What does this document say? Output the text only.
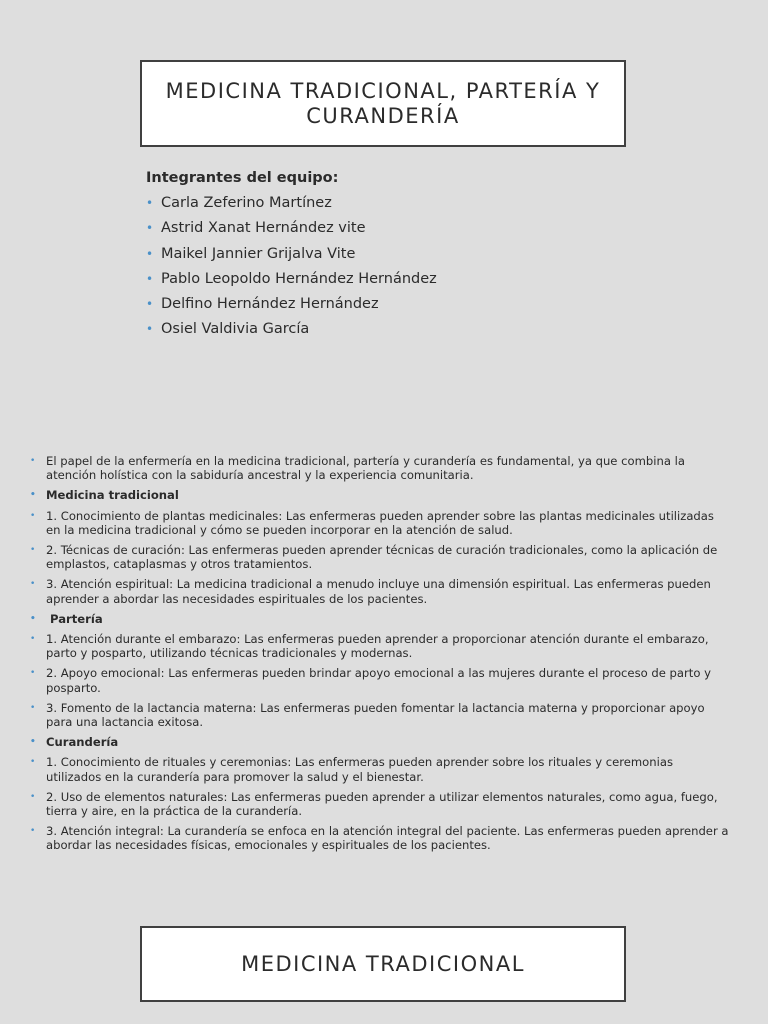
MEDICINA TRADICIONAL, PARTERÍA Y CURANDERÍA
Integrantes del equipo:
• Carla Zeferino Martínez
• Astrid Xanat Hernández vite
• Maikel Jannier Grijalva Vite
• Pablo Leopoldo Hernández Hernández
• Delfino Hernández Hernández
• Osiel Valdivia García
• El papel de la enfermería en la medicina tradicional, partería y curandería es fundamental, ya que combina la atención holística con la sabiduría ancestral y la experiencia comunitaria.
• Medicina tradicional
• 1. Conocimiento de plantas medicinales: Las enfermeras pueden aprender sobre las plantas medicinales utilizadas en la medicina tradicional y cómo se pueden incorporar en la atención de salud.
• 2. Técnicas de curación: Las enfermeras pueden aprender técnicas de curación tradicionales, como la aplicación de emplastos, cataplasmas y otros tratamientos.
• 3. Atención espiritual: La medicina tradicional a menudo incluye una dimensión espiritual. Las enfermeras pueden aprender a abordar las necesidades espirituales de los pacientes.
• Partería
• 1. Atención durante el embarazo: Las enfermeras pueden aprender a proporcionar atención durante el embarazo, parto y posparto, utilizando técnicas tradicionales y modernas.
• 2. Apoyo emocional: Las enfermeras pueden brindar apoyo emocional a las mujeres durante el proceso de parto y posparto.
• 3. Fomento de la lactancia materna: Las enfermeras pueden fomentar la lactancia materna y proporcionar apoyo para una lactancia exitosa.
• Curandería
• 1. Conocimiento de rituales y ceremonias: Las enfermeras pueden aprender sobre los rituales y ceremonias utilizados en la curandería para promover la salud y el bienestar.
• 2. Uso de elementos naturales: Las enfermeras pueden aprender a utilizar elementos naturales, como agua, fuego, tierra y aire, en la práctica de la curandería.
• 3. Atención integral: La curandería se enfoca en la atención integral del paciente. Las enfermeras pueden aprender a abordar las necesidades físicas, emocionales y espirituales de los pacientes.
MEDICINA TRADICIONAL
